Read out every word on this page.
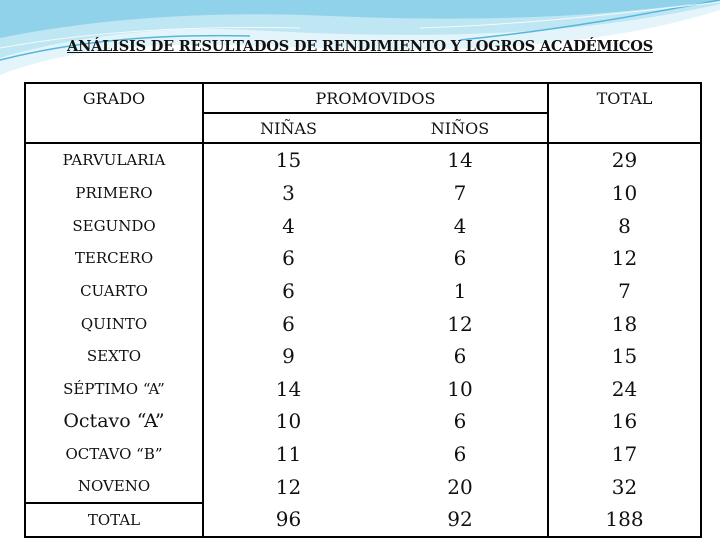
ANÁLISIS DE RESULTADOS DE RENDIMIENTO Y LOGROS ACADÉMICOS
GRADO	PROMOVIDOS		TOTAL
	NIÑAS	NIÑOS	
PARVULARIA	15	14	29
PRIMERO	3	7	10
SEGUNDO	4	4	8
TERCERO	6	6	12
CUARTO	6	1	7
QUINTO	6	12	18
SEXTO	9	6	15
SÉPTIMO “A”	14	10	24
Octavo “A”	10	6	16
OCTAVO “B”	11	6	17
NOVENO	12	20	32
TOTAL	96	92	188
